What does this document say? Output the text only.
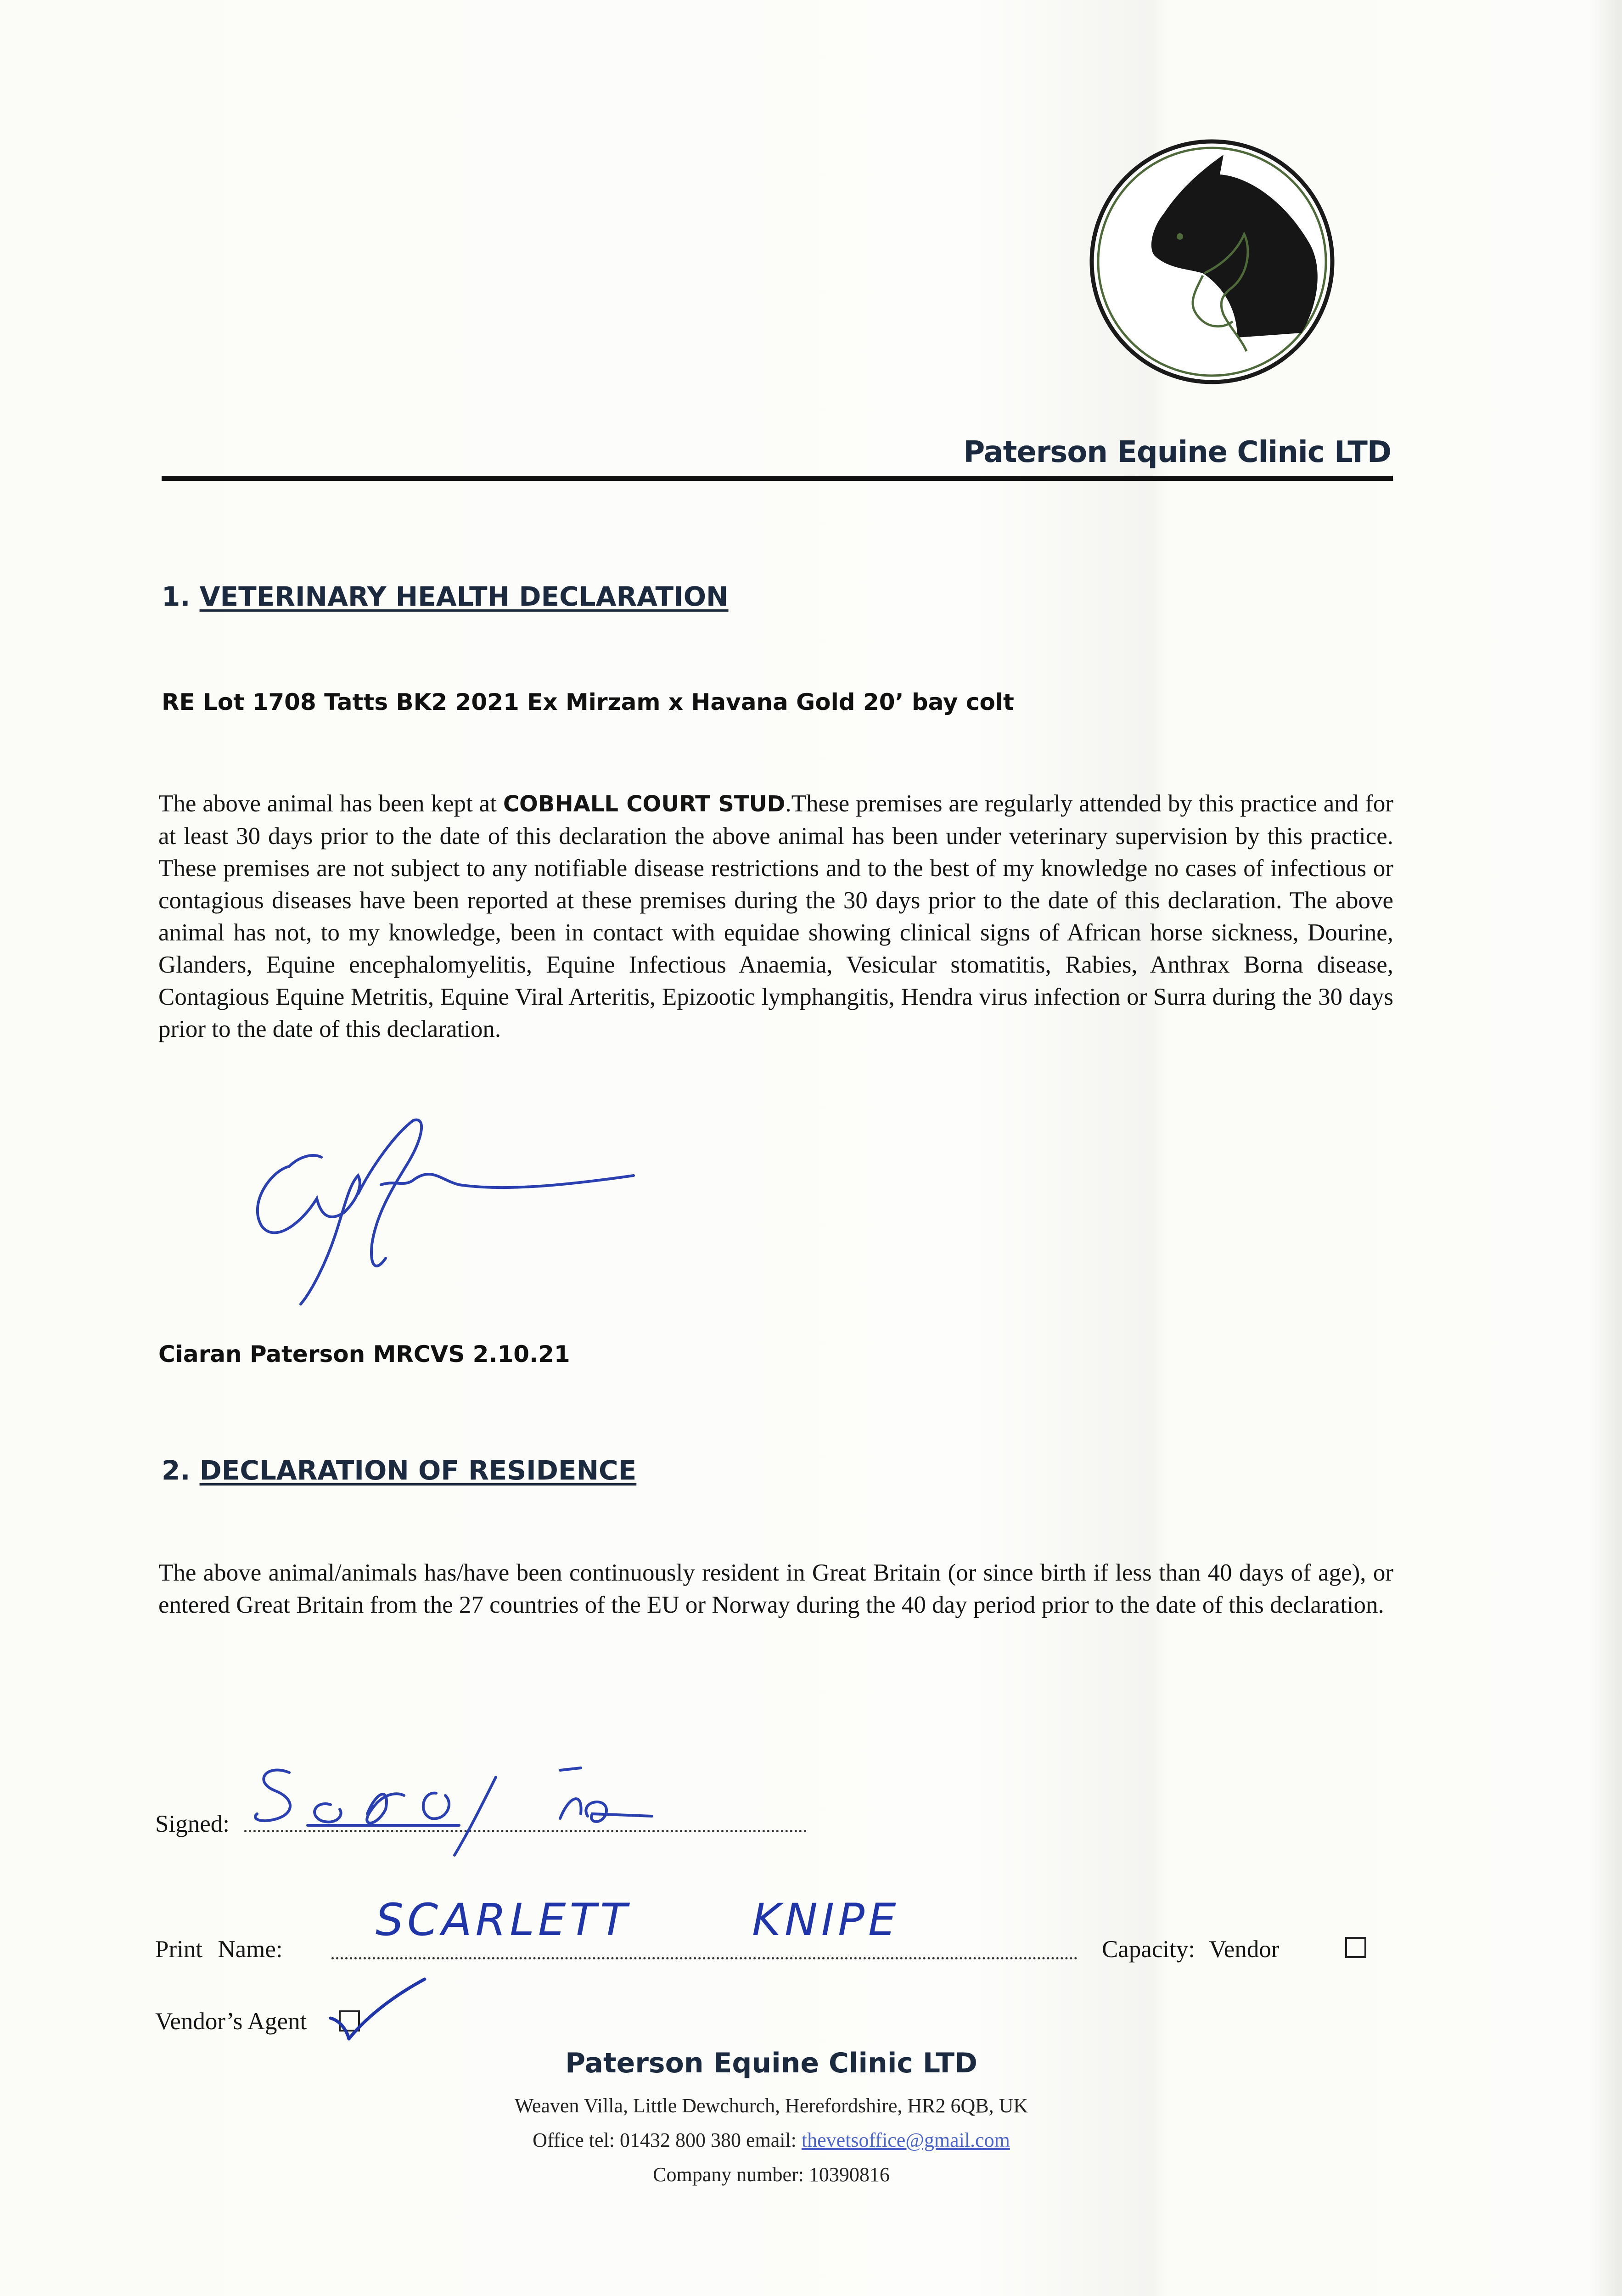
Paterson Equine Clinic LTD
1. VETERINARY HEALTH DECLARATION
RE Lot 1708 Tatts BK2 2021 Ex Mirzam x Havana Gold 20’ bay colt
The above animal has been kept at COBHALL COURT STUD.These premises are regularly attended by this practice and for at least 30 days prior to the date of this declaration the above animal has been under veterinary supervision by this practice. These premises are not subject to any notifiable disease restrictions and to the best of my knowledge no cases of infectious or contagious diseases have been reported at these premises during the 30 days prior to the date of this declaration. The above animal has not, to my knowledge, been in contact with equidae showing clinical signs of African horse sickness, Dourine, Glanders, Equine encephalomyelitis, Equine Infectious Anaemia, Vesicular stomatitis, Rabies, Anthrax Borna disease, Contagious Equine Metritis, Equine Viral Arteritis, Epizootic lymphangitis, Hendra virus infection or Surra during the 30 days prior to the date of this declaration.
Ciaran Paterson MRCVS 2.10.21
2. DECLARATION OF RESIDENCE
The above animal/animals has/have been continuously resident in Great Britain (or since birth if less than 40 days of age), or entered Great Britain from the 27 countries of the EU or Norway during the 40 day period prior to the date of this declaration.
Signed:
Print Name:
SCARLETT	KNIPE
Capacity: Vendor
Vendor’s Agent
Paterson Equine Clinic LTD
Weaven Villa, Little Dewchurch, Herefordshire, HR2 6QB, UK
Office tel: 01432 800 380 email: thevetsoffice@gmail.com
Company number: 10390816
